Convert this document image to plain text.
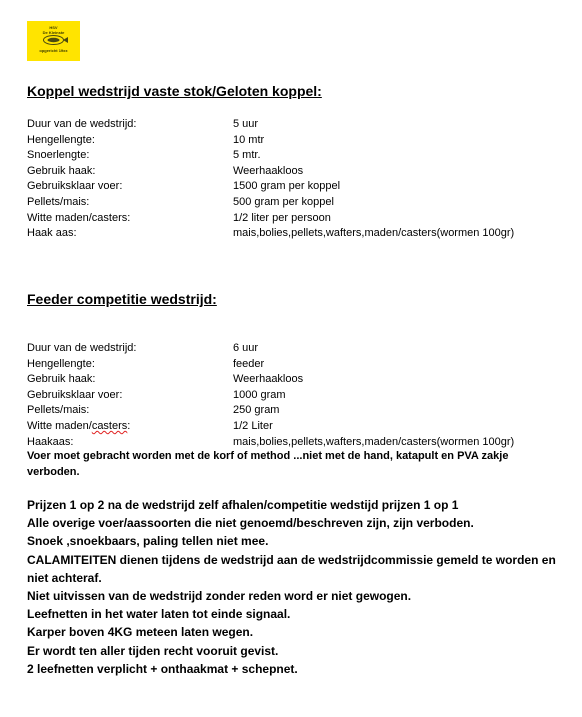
HSV
De Kleinste
opgericht 19xx
Koppel wedstrijd vaste stok/Geloten koppel:
Duur van de wedstrijd:	5 uur
Hengellengte:	10 mtr
Snoerlengte:	5 mtr.
Gebruik haak:	Weerhaakloos
Gebruiksklaar voer:	1500 gram per koppel
Pellets/mais:	500 gram per koppel
Witte maden/casters:	1/2 liter per persoon
Haak aas:	mais,bolies,pellets,wafters,maden/casters(wormen 100gr)
Feeder competitie wedstrijd:
Duur van de wedstrijd:	6 uur
Hengellengte:	feeder
Gebruik haak:	Weerhaakloos
Gebruiksklaar voer:	1000 gram
Pellets/mais:	250 gram
Witte maden/casters:	1/2 Liter
Haakaas:	mais,bolies,pellets,wafters,maden/casters(wormen 100gr)
Voer moet gebracht worden met de korf of method ...niet met de hand, katapult en PVA zakje verboden.
Prijzen 1 op 2 na de wedstrijd zelf afhalen/competitie wedstijd prijzen 1 op 1
Alle overige voer/aassoorten die niet genoemd/beschreven zijn, zijn verboden.
Snoek ,snoekbaars, paling tellen niet mee.
CALAMITEITEN dienen tijdens de wedstrijd aan de wedstrijdcommissie gemeld te worden en niet achteraf.
Niet uitvissen van de wedstrijd zonder reden word er niet gewogen.
Leefnetten in het water laten tot einde signaal.
Karper boven 4KG meteen laten wegen.
Er wordt ten aller tijden recht vooruit gevist.
2 leefnetten verplicht + onthaakmat + schepnet.
